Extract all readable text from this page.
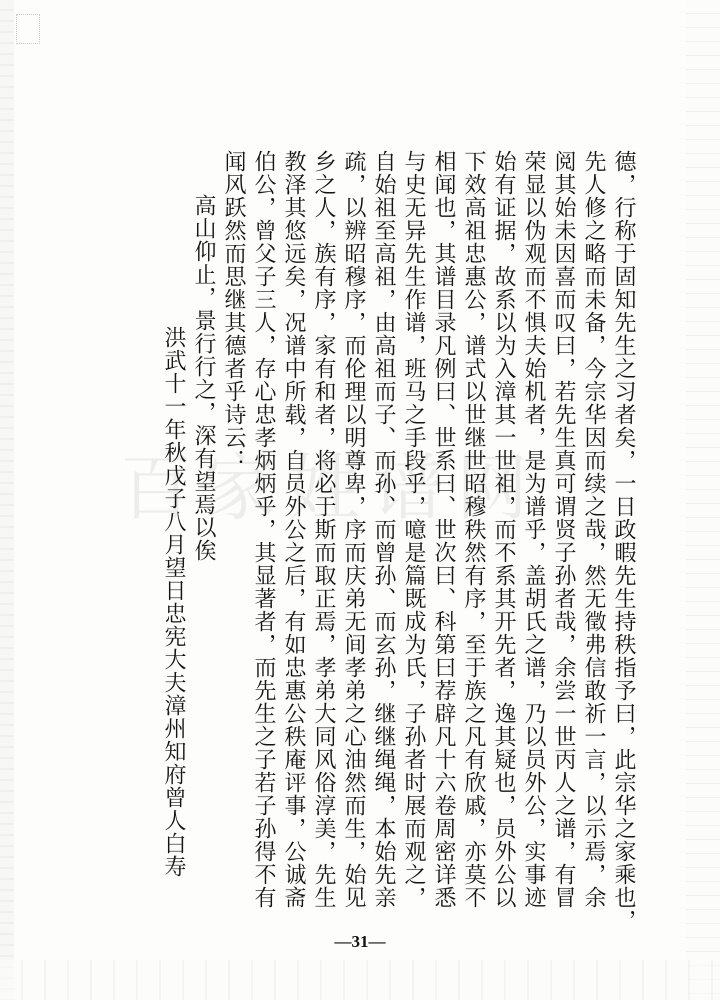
百家姓谱网	德，行称于固知先生之习者矣，一日政暇先生持秩指予曰，此宗华之家乘也，
先人修之略而未备，今宗华因而续之哉，然无徵弗信敢祈一言，以示焉，余
阅其始未因喜而叹曰，若先生真可谓贤子孙者哉，余尝一世丙人之谱，有冒
荣显以伪观而不惧夫始机者，是为谱乎，盖胡氏之谱，乃以员外公，实事迹
始有证据，故系以为入漳其一世祖，而不系其开先者，逸其疑也，员外公以
下效高祖忠惠公，谱式以世继世昭穆秩然有序，至于族之凡有欣戚，亦莫不
相闻也，其谱目录凡例曰、世系曰、世次曰、科第曰荐辟凡十六卷周密详悉
与史无异先生作谱，班马之手段乎，噫是篇既成为氏，子孙者时展而观之，
自始祖至高祖，由高祖而子、而孙、而曾孙、而玄孙，继继绳绳，本始先亲
疏，以辨昭穆序，而伦理以明尊卑，序而庆弟无间孝弟之心油然而生，始见
乡之人，族有序，家有和者，将必于斯而取正焉，孝弟大同风俗淳美，先生
教泽其悠远矣，况谱中所载，自员外公之后，有如忠惠公秩庵评事，公诚斋
伯公，曾父子三人，存心忠孝炳炳乎，其显著者，而先生之子若子孙得不有
闻风跃然而思继其德者乎诗云：
高山仰止，景行行之，深有望焉以俟
洪武十一年秋戊子八月望日忠宪大夫漳州知府曾人白寿
—31—
